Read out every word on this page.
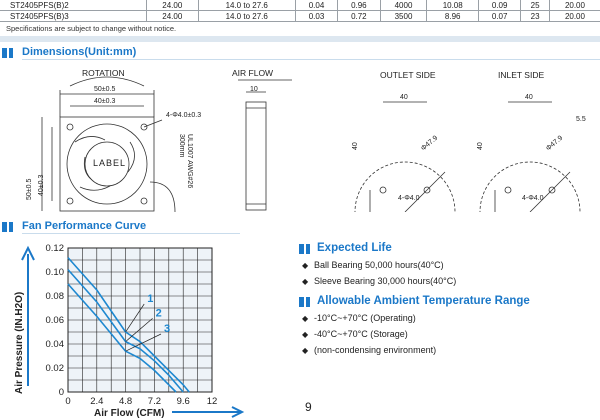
ST2405PFS(B)2	24.00	14.0 to 27.6	0.04	0.96	4000	10.08	0.09	25	20.00
ST2405PFS(B)3	24.00	14.0 to 27.6	0.03	0.72	3500	8.96	0.07	23	20.00
Specifications are subject to change without notice.
Dimensions(Unit:mm)
ROTATION
50±0.5
40±0.3
4-Φ4.0±0.3
LABEL
50±0.5 40±0.3	UL1007 AWG#26 300mm
AIR FLOW
10
OUTLET SIDE
40
40	Φ47.9
4-Φ4.0
INLET SIDE
40
40	Φ47.9
4-Φ4.0
5.5
Fan Performance Curve
0 2.4 4.8 7.2 9.6 12
0
0.02
0.04
0.06
0.08
0.10
0.12
1
2
3
Air Flow (CFM)
Air Pressure (IN.H2O)
Expected Life
◆ Ball Bearing 50,000 hours(40°C)
◆ Sleeve Bearing 30,000 hours(40°C)
Allowable Ambient Temperature Range
◆ -10°C~+70°C (Operating)
◆ -40°C~+70°C (Storage)
◆ (non-condensing environment)
9
